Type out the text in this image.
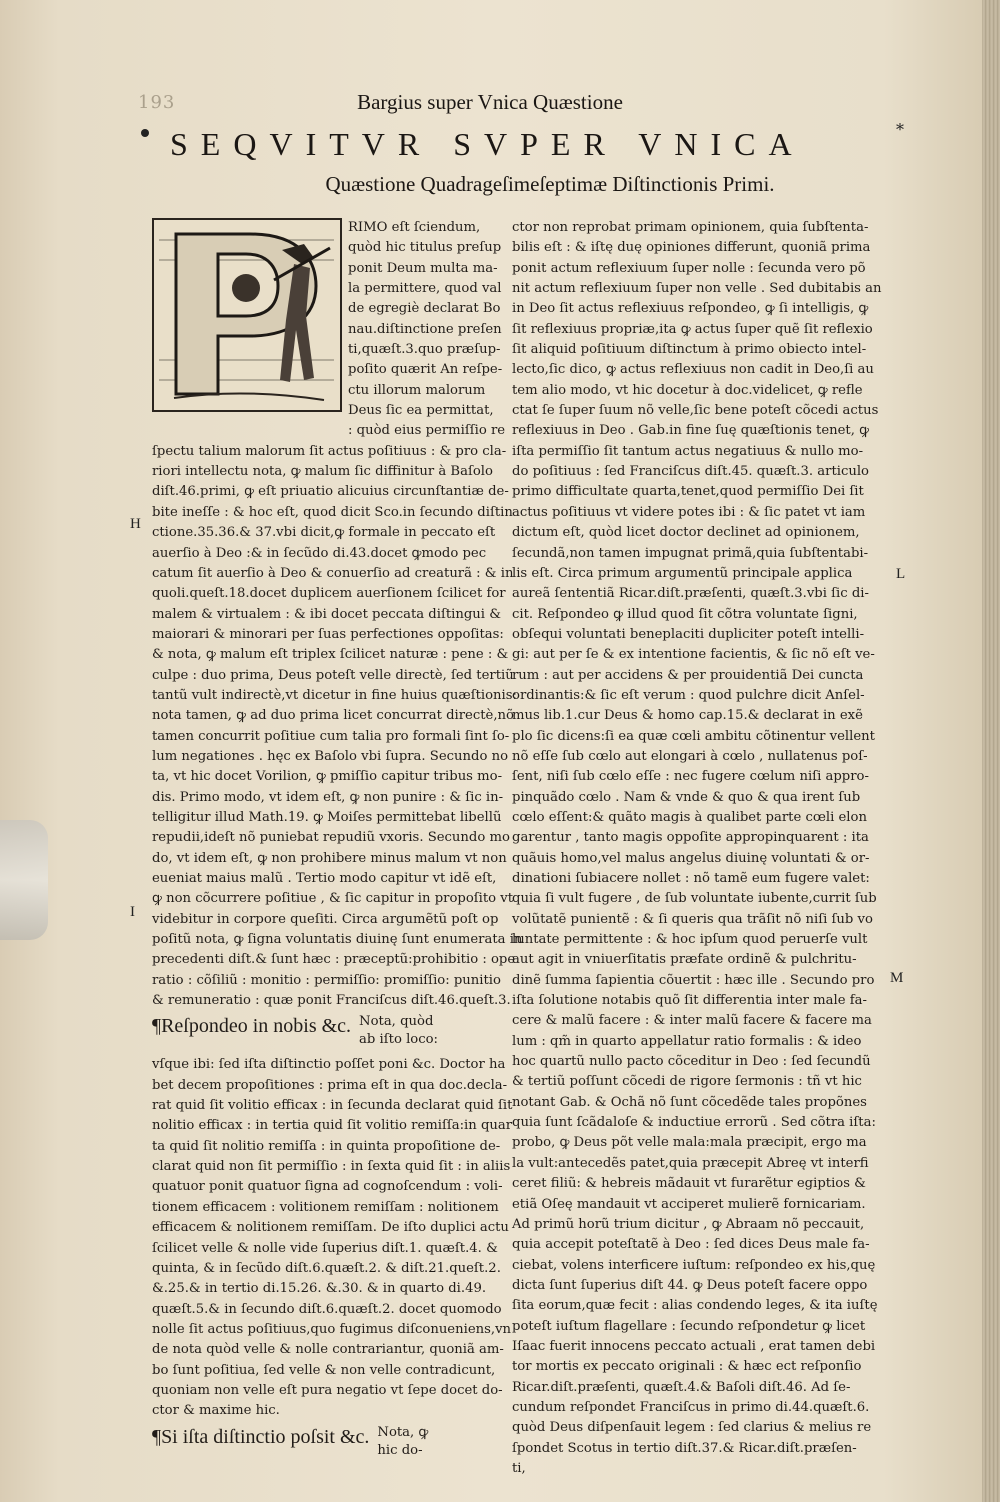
193
*
Bargius super Vnica Quæstione
SEQVITVR SVPER VNICA
Quæstione Quadrageſimeſeptimæ Diſtinctionis Primi.
RIMO eſt ſciendum,
quòd hic titulus preſup
ponit Deum multa ma-
la permittere, quod val
de egregiè declarat Bo
nau.diſtinctione preſen
ti,quæſt.3.quo præſup-
poſito quærit An reſpe-
ctu illorum malorum
Deus ſic ea permittat,
: quòd eius permiſſio re
ſpectu talium malorum ſit actus poſitiuus : & pro cla-
riori intellectu nota, ꝙ malum ſic diffinitur à Baſolo
diſt.46.primi, ꝙ eſt priuatio alicuius circunſtantiæ de-
bite ineſſe : & hoc eſt, quod dicit Sco.in ſecundo diſtin
ctione.35.36.& 37.vbi dicit,ꝙ formale in peccato eſt
auerſio à Deo :& in ſecũdo di.43.docet ꝙmodo pec
catum ſit auerſio à Deo & conuerſio ad creaturã : & in
quoli.queſt.18.docet duplicem auerſionem ſcilicet for
malem & virtualem : & ibi docet peccata diſtingui &
maiorari & minorari per ſuas perfectiones oppoſitas:
& nota, ꝙ malum eſt triplex ſcilicet naturæ : pene : &
culpe : duo prima, Deus poteſt velle directè, ſed tertiũ
tantũ vult indirectè,vt dicetur in fine huius quæſtionis:
nota tamen, ꝙ ad duo prima licet concurrat directè,nõ
tamen concurrit poſitiue cum talia pro formali ſint ſo-
lum negationes . hęc ex Baſolo vbi ſupra. Secundo no
ta, vt hic docet Vorilion, ꝙ pmiſſio capitur tribus mo-
dis. Primo modo, vt idem eſt, ꝙ non punire : & ſic in-
telligitur illud Math.19. ꝙ Moiſes permittebat libellũ
repudii,ideſt nõ puniebat repudiũ vxoris. Secundo mo
do, vt idem eſt, ꝙ non prohibere minus malum vt non
eueniat maius malũ . Tertio modo capitur vt idẽ eſt,
ꝙ non cõcurrere poſitiue , & ſic capitur in propoſito vt
videbitur in corpore queſiti. Circa argumẽtũ poſt op
poſitũ nota, ꝙ ſigna voluntatis diuinę ſunt enumerata in
precedenti diſt.& ſunt hæc : præceptũ:prohibitio : ope
ratio : cõſiliũ : monitio : permiſſio: promiſſio: punitio
& remuneratio : quæ ponit Franciſcus diſt.46.queſt.3.
¶Reſpondeo in nobis &c. Nota, quòd
ab iſto loco:
vſque ibi: ſed iſta diſtinctio poſſet poni &c. Doctor ha
bet decem propoſitiones : prima eſt in qua doc.decla-
rat quid ſit volitio efficax : in ſecunda declarat quid ſit
nolitio efficax : in tertia quid ſit volitio remiſſa:in quar
ta quid ſit nolitio remiſſa : in quinta propoſitione de-
clarat quid non ſit permiſſio : in ſexta quid ſit : in aliis
quatuor ponit quatuor ſigna ad cognoſcendum : voli-
tionem efficacem : volitionem remiſſam : nolitionem
efficacem & nolitionem remiſſam. De iſto duplici actu
ſcilicet velle & nolle vide ſuperius diſt.1. quæſt.4. &
quinta, & in ſecũdo diſt.6.quæſt.2. & diſt.21.queſt.2.
&.25.& in tertio di.15.26. &.30. & in quarto di.49.
quæſt.5.& in ſecundo diſt.6.quæſt.2. docet quomodo
nolle ſit actus poſitiuus,quo fugimus diſconueniens,vn
de nota quòd velle & nolle contrariantur, quoniã am-
bo ſunt poſitiua, ſed velle & non velle contradicunt,
quoniam non velle eſt pura negatio vt ſepe docet do-
ctor & maxime hic.
¶Si iſta diſtinctio poſsit &c. Nota, ꝙ
hic do-
ctor non reprobat primam opinionem, quia ſubſtenta-
bilis eſt : & iſtę duę opiniones differunt, quoniã prima
ponit actum reflexiuum ſuper nolle : ſecunda vero põ
nit actum reflexiuum ſuper non velle . Sed dubitabis an
in Deo ſit actus reflexiuus reſpondeo, ꝙ ſi intelligis, ꝙ
ſit reflexiuus propriæ,ita ꝙ actus ſuper quẽ ſit reflexio
ſit aliquid poſitiuum diſtinctum à primo obiecto intel-
lecto,ſic dico, ꝙ actus reflexiuus non cadit in Deo,ſi au
tem alio modo, vt hic docetur à doc.videlicet, ꝙ refle
ctat ſe ſuper ſuum nõ velle,ſic bene poteſt cõcedi actus
reflexiuus in Deo . Gab.in fine ſuę quæſtionis tenet, ꝙ
iſta permiſſio ſit tantum actus negatiuus & nullo mo-
do poſitiuus : ſed Franciſcus diſt.45. quæſt.3. articulo
primo difficultate quarta,tenet,quod permiſſio Dei ſit
actus poſitiuus vt videre potes ibi : & ſic patet vt iam
dictum eſt, quòd licet doctor declinet ad opinionem,
ſecundã,non tamen impugnat primã,quia ſubſtentabi-
lis eſt. Circa primum argumentũ principale applica
aureã ſententiã Ricar.diſt.præſenti, quæſt.3.vbi ſic di-
cit. Reſpondeo ꝙ illud quod ſit cõtra voluntate ſigni,
obſequi voluntati beneplaciti dupliciter poteſt intelli-
gi: aut per ſe & ex intentione facientis, & ſic nõ eſt ve-
rum : aut per accidens & per prouidentiã Dei cuncta
ordinantis:& ſic eſt verum : quod pulchre dicit Anſel-
mus lib.1.cur Deus & homo cap.15.& declarat in exẽ
plo ſic dicens:ſi ea quæ cœli ambitu cõtinentur vellent
nõ eſſe ſub cœlo aut elongari à cœlo , nullatenus poſ-
ſent, niſi ſub cœlo eſſe : nec fugere cœlum niſi appro-
pinquãdo cœlo . Nam & vnde & quo & qua irent ſub
cœlo eſſent:& quãto magis à qualibet parte cœli elon
garentur , tanto magis oppoſite appropinquarent : ita
quãuis homo,vel malus angelus diuinę voluntati & or-
dinationi ſubiacere nollet : nõ tamẽ eum fugere valet:
quia ſi vult fugere , de ſub voluntate iubente,currit ſub
volũtatẽ punientẽ : & ſi queris qua trãſit nõ niſi ſub vo
luntate permittente : & hoc ipſum quod peruerſe vult
aut agit in vniuerſitatis præfate ordinẽ & pulchritu-
dinẽ ſumma ſapientia cõuertit : hæc ille . Secundo pro
iſta ſolutione notabis quõ ſit differentia inter male fa-
cere & malũ facere : & inter malũ facere & facere ma
lum : qm̃ in quarto appellatur ratio formalis : & ideo
hoc quartũ nullo pacto cõceditur in Deo : ſed ſecundũ
& tertiũ poſſunt cõcedi de rigore ſermonis : tñ vt hic
notant Gab. & Ochã nõ ſunt cõcedẽde tales propõnes
quia ſunt ſcãdaloſe & inductiue errorũ . Sed cõtra iſta:
probo, ꝙ Deus põt velle mala:mala præcipit, ergo ma
la vult:antecedẽs patet,quia præcepit Abreę vt interfi
ceret filiũ: & hebreis mãdauit vt furarẽtur egiptios &
etiã Oſeę mandauit vt acciperet mulierẽ fornicariam.
Ad primũ horũ trium dicitur , ꝙ Abraam nõ peccauit,
quia accepit poteſtatẽ à Deo : ſed dices Deus male fa-
ciebat, volens interficere iuſtum: reſpondeo ex his,quę
dicta ſunt ſuperius diſt 44. ꝙ Deus poteſt facere oppo
ſita eorum,quæ fecit : alias condendo leges, & ita iuſtę
poteſt iuſtum flagellare : ſecundo reſpondetur ꝙ licet
Iſaac fuerit innocens peccato actuali , erat tamen debi
tor mortis ex peccato originali : & hæc ect reſponſio
Ricar.diſt.præſenti, quæſt.4.& Baſoli diſt.46. Ad ſe-
cundum reſpondet Franciſcus in primo di.44.quæſt.6.
quòd Deus diſpenſauit legem : ſed clarius & melius re
ſpondet Scotus in tertio diſt.37.& Ricar.diſt.præſen-
ti,
H
L
I
M
